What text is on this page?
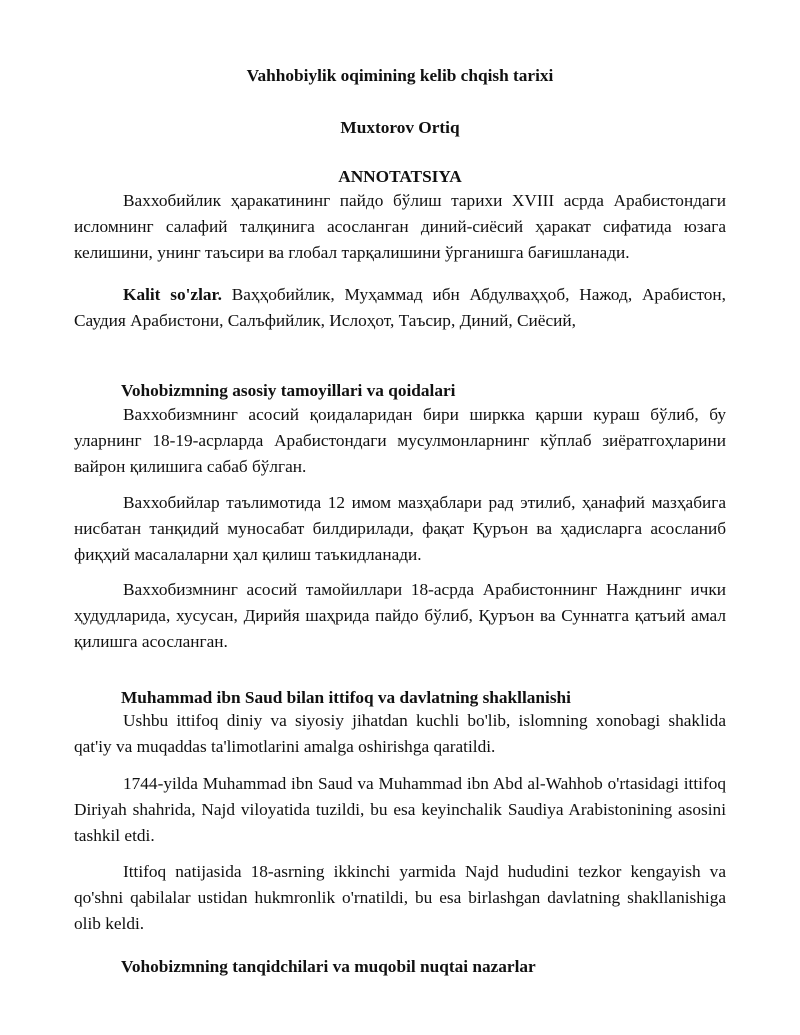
Vahhobiylik oqimining kelib chqish tarixi
Muxtorov Ortiq
ANNOTATSIYA
Ваххобийлик ҳаракатининг пайдо бўлиш тарихи XVIII асрда Арабистондаги исломнинг салафий талқинига асосланган диний-сиёсий ҳаракат сифатида юзага келишини, унинг таъсири ва глобал тарқалишини ўрганишга бағишланади.
Kalit so'zlar. Ваҳҳобийлик, Муҳаммад ибн Абдулваҳҳоб, Нажод, Арабистон, Саудия Арабистони, Салъфийлик, Ислоҳот, Таъсир, Диний, Сиёсий,
Vohobizmning asosiy tamoyillari va qoidalari
Ваххобизмнинг асосий қоидаларидан бири ширкка қарши кураш бўлиб, бу уларнинг 18-19-асрларда Арабистондаги мусулмонларнинг кўплаб зиёратгоҳларини вайрон қилишига сабаб бўлган.
Ваххобийлар таълимотида 12 имом мазҳаблари рад этилиб, ҳанафий мазҳабига нисбатан танқидий муносабат билдирилади, фақат Қуръон ва ҳадисларга асосланиб фиқҳий масалаларни ҳал қилиш таъкидланади.
Ваххобизмнинг асосий тамойиллари 18-асрда Арабистоннинг Нажднинг ички ҳудудларида, хусусан, Дирийя шаҳрида пайдо бўлиб, Қуръон ва Суннатга қатъий амал қилишга асосланган.
Muhammad ibn Saud bilan ittifoq va davlatning shakllanishi
Ushbu ittifoq diniy va siyosiy jihatdan kuchli bo'lib, islomning xonobagi shaklida qat'iy va muqaddas ta'limotlarini amalga oshirishga qaratildi.
1744-yilda Muhammad ibn Saud va Muhammad ibn Abd al-Wahhob o'rtasidagi ittifoq Diriyah shahrida, Najd viloyatida tuzildi, bu esa keyinchalik Saudiya Arabistonining asosini tashkil etdi.
Ittifoq natijasida 18-asrning ikkinchi yarmida Najd hududini tezkor kengayish va qo'shni qabilalar ustidan hukmronlik o'rnatildi, bu esa birlashgan davlatning shakllanishiga olib keldi.
Vohobizmning tanqidchilari va muqobil nuqtai nazarlar
